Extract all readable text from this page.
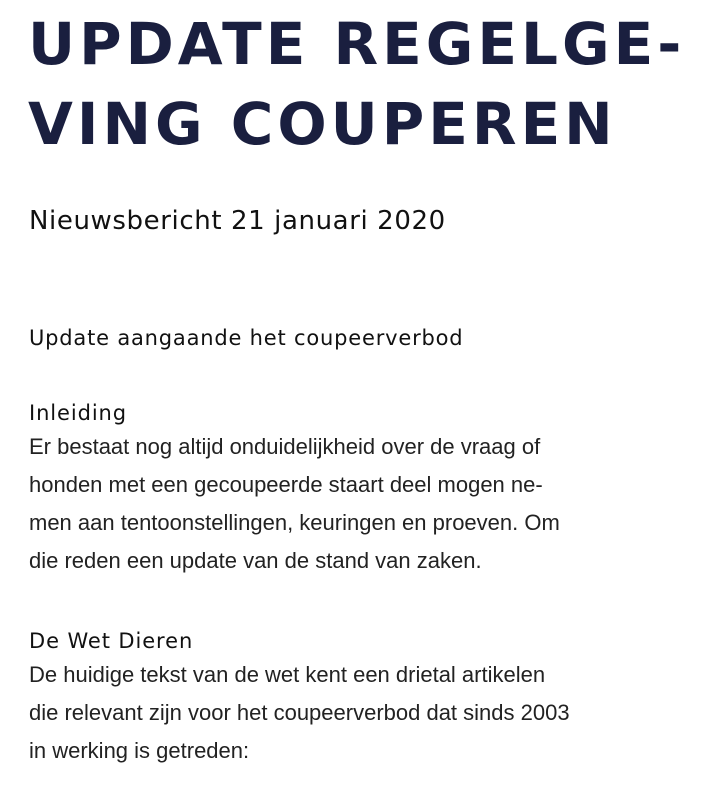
UPDATE REGELGE-
VING COUPEREN
Nieuwsbericht 21 januari 2020
Update aangaande het coupeerverbod
Inleiding

Er bestaat nog altijd onduidelijkheid over de vraag of
honden met een gecoupeerde staart deel mogen ne-
men aan tentoonstellingen, keuringen en proeven. Om
die reden een update van de stand van zaken.

De Wet Dieren

De huidige tekst van de wet kent een drietal artikelen
die relevant zijn voor het coupeerverbod dat sinds 2003
in werking is getreden:
